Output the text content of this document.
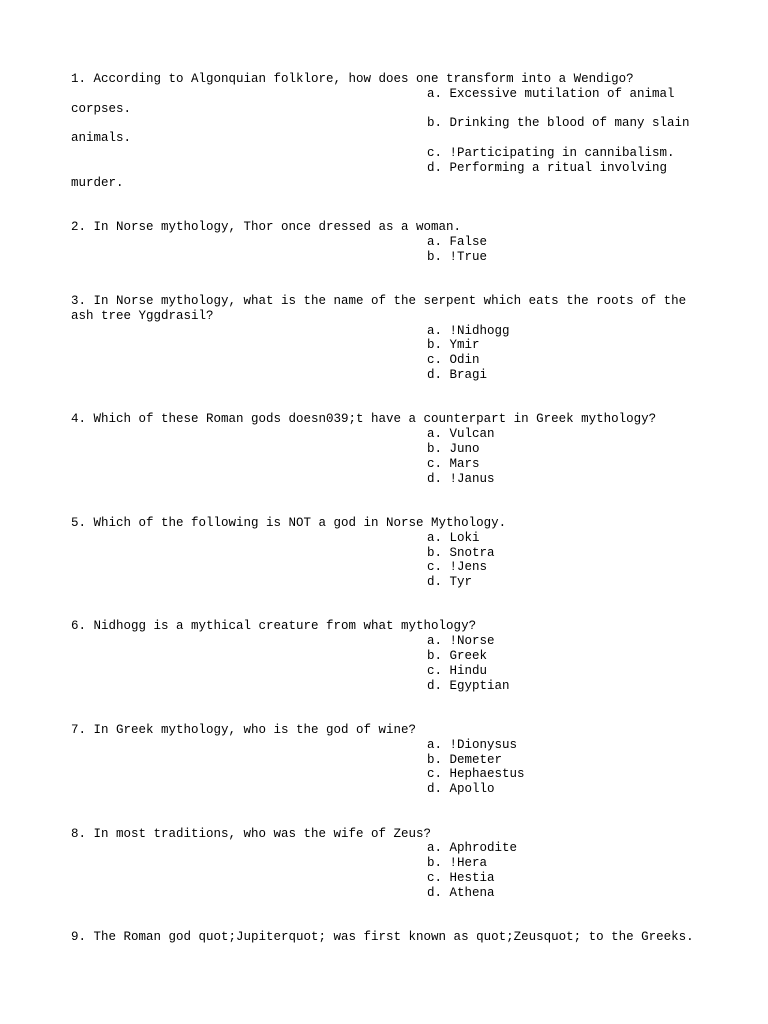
1. According to Algonquian folklore, how does one transform into a Wendigo?
a. Excessive mutilation of animal corpses.
b. Drinking the blood of many slain animals.
c. !Participating in cannibalism.
d. Performing a ritual involving murder.
2. In Norse mythology, Thor once dressed as a woman.
a. False
b. !True
3. In Norse mythology, what is the name of the serpent which eats the roots of the ash tree Yggdrasil?
a. !Nidhogg
b. Ymir
c. Odin
d. Bragi
4. Which of these Roman gods doesn039;t have a counterpart in Greek mythology?
a. Vulcan
b. Juno
c. Mars
d. !Janus
5. Which of the following is NOT a god in Norse Mythology.
a. Loki
b. Snotra
c. !Jens
d. Tyr
6. Nidhogg is a mythical creature from what mythology?
a. !Norse
b. Greek
c. Hindu
d. Egyptian
7. In Greek mythology, who is the god of wine?
a. !Dionysus
b. Demeter
c. Hephaestus
d. Apollo
8. In most traditions, who was the wife of Zeus?
a. Aphrodite
b. !Hera
c. Hestia
d. Athena
9. The Roman god quot;Jupiterquot; was first known as quot;Zeusquot; to the Greeks.
